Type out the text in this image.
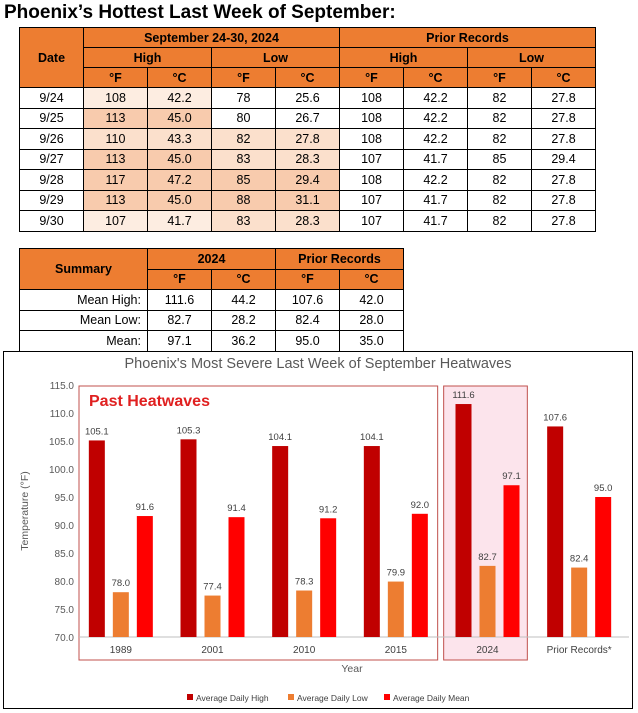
Phoenix’s Hottest Last Week of September:
Date	September 24-30, 2024				Prior Records			
	High		Low		High		Low	
	°F	°C	°F	°C	°F	°C	°F	°C
9/24	108	42.2	78	25.6	108	42.2	82	27.8
9/25	113	45.0	80	26.7	108	42.2	82	27.8
9/26	110	43.3	82	27.8	108	42.2	82	27.8
9/27	113	45.0	83	28.3	107	41.7	85	29.4
9/28	117	47.2	85	29.4	108	42.2	82	27.8
9/29	113	45.0	88	31.1	107	41.7	82	27.8
9/30	107	41.7	83	28.3	107	41.7	82	27.8
Summary	2024		Prior Records	
	°F	°C	°F	°C
Mean High:	111.6	44.2	107.6	42.0
Mean Low:	82.7	28.2	82.4	28.0
Mean:	97.1	36.2	95.0	35.0
Phoenix's Most Severe Last Week of September Heatwaves
Past Heatwaves
70.0
75.0
80.0
85.0
90.0
95.0
100.0
105.0
110.0
115.0
Temperature (°F)
105.1
78.0
91.6
1989
105.3
77.4
91.4
2001
104.1
78.3
91.2
2010
104.1
79.9
92.0
2015
111.6
82.7
97.1
2024
107.6
82.4
95.0
Prior Records*
Year
Average Daily High	Average Daily Low	Average Daily Mean
